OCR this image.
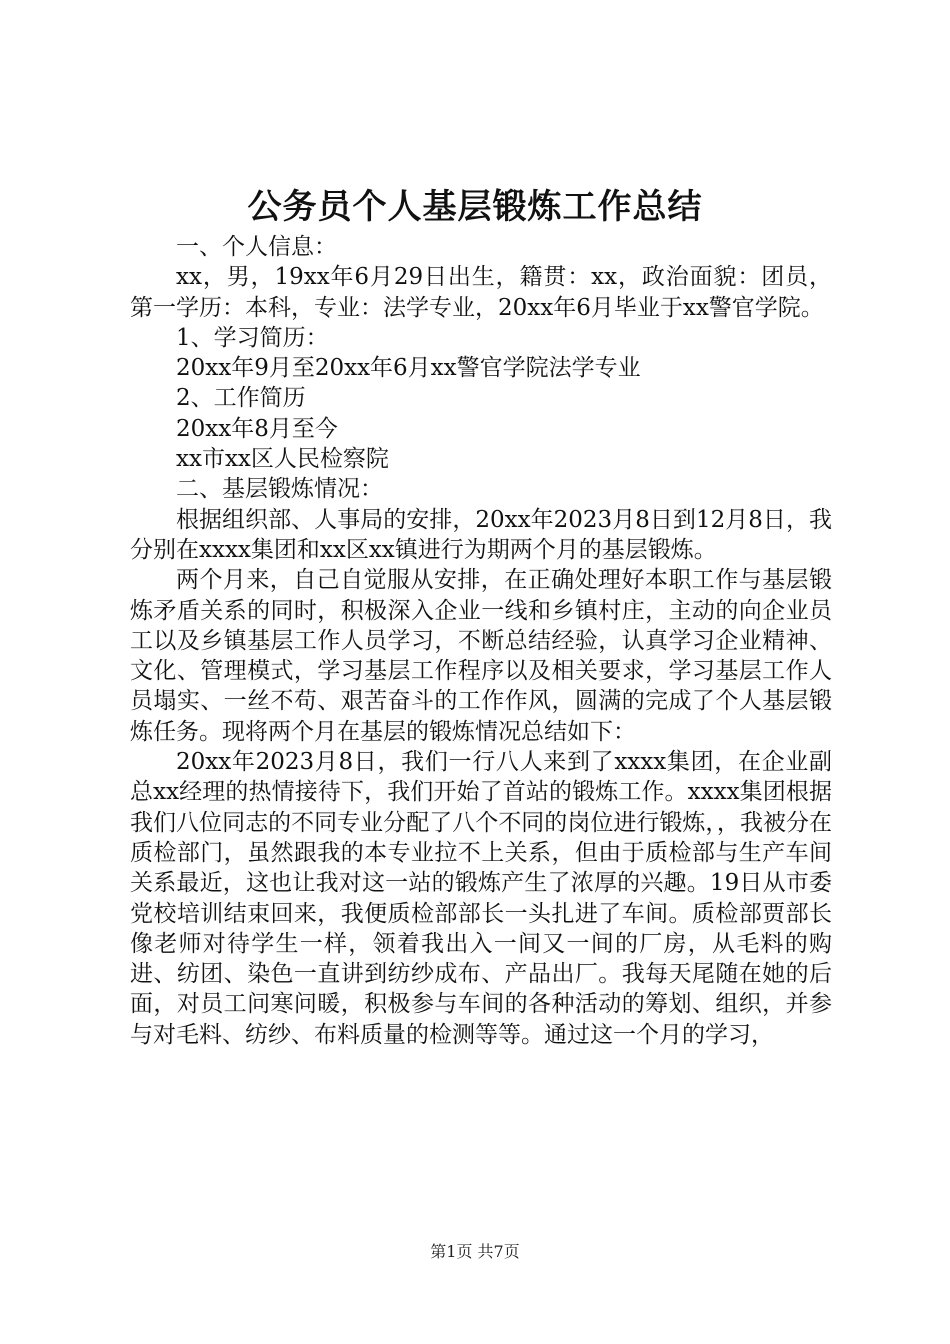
公务员个人基层锻炼工作总结

一、个人信息：

xx，男，19xx年6月29日出生，籍贯：xx，政治面貌：团员，第一学历：本科，专业：法学专业，20xx年6月毕业于xx警官学院。

1、学习简历：

20xx年9月至20xx年6月xx警官学院法学专业

2、工作简历

20xx年8月至今

xx市xx区人民检察院

二、基层锻炼情况：

根据组织部、人事局的安排，20xx年2023月8日到12月8日，我分别在xxxx集团和xx区xx镇进行为期两个月的基层锻炼。

两个月来，自己自觉服从安排，在正确处理好本职工作与基层锻炼矛盾关系的同时，积极深入企业一线和乡镇村庄，主动的向企业员工以及乡镇基层工作人员学习，不断总结经验，认真学习企业精神、文化、管理模式，学习基层工作程序以及相关要求，学习基层工作人员塌实、一丝不苟、艰苦奋斗的工作作风，圆满的完成了个人基层锻炼任务。现将两个月在基层的锻炼情况总结如下：

20xx年2023月8日，我们一行八人来到了xxxx集团，在企业副总xx经理的热情接待下，我们开始了首站的锻炼工作。xxxx集团根据我们八位同志的不同专业分配了八个不同的岗位进行锻炼，，我被分在质检部门，虽然跟我的本专业拉不上关系，但由于质检部与生产车间关系最近，这也让我对这一站的锻炼产生了浓厚的兴趣。19日从市委党校培训结束回来，我便质检部部长一头扎进了车间。质检部贾部长像老师对待学生一样，领着我出入一间又一间的厂房，从毛料的购进、纺团、染色一直讲到纺纱成布、产品出厂。我每天尾随在她的后面，对员工问寒问暖，积极参与车间的各种活动的筹划、组织，并参与对毛料、纺纱、布料质量的检测等等。通过这一个月的学习，

第1页 共7页
